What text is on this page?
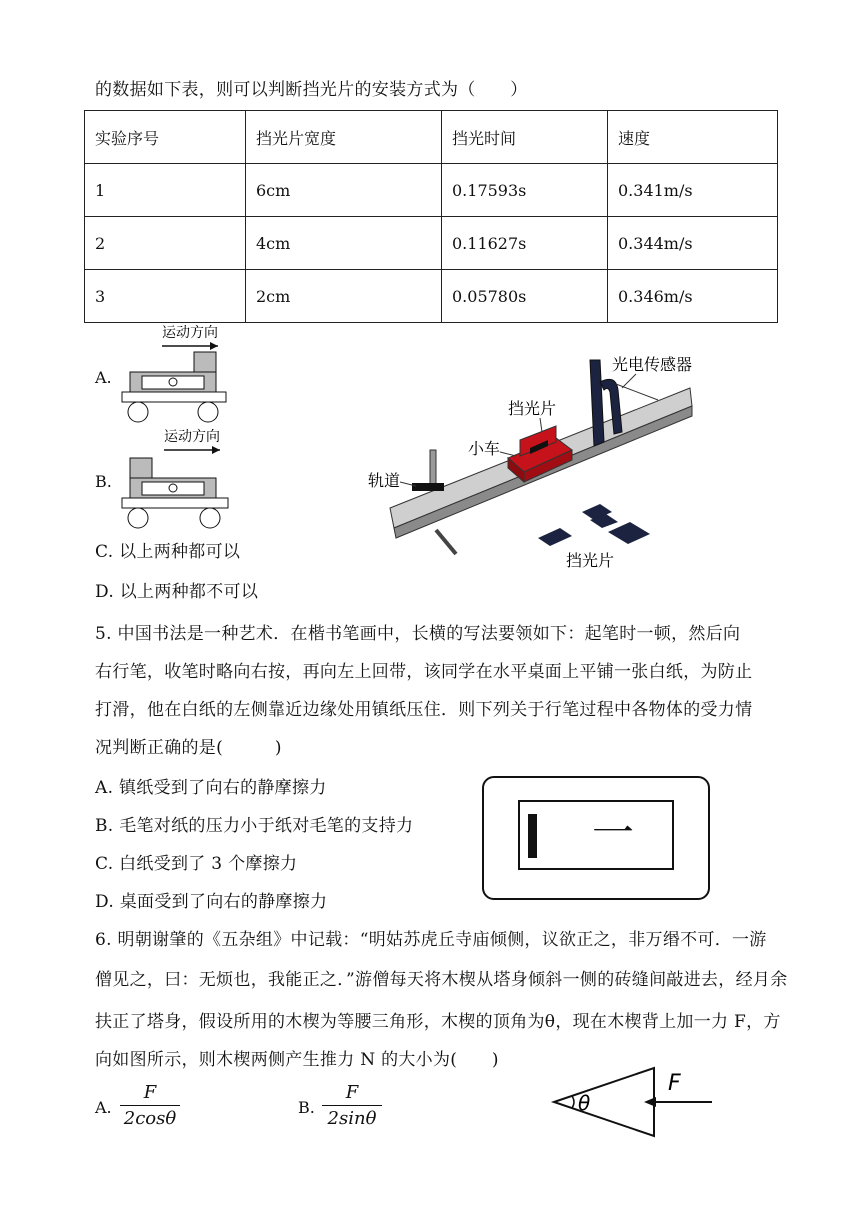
的数据如下表，则可以判断挡光片的安装方式为（　　）
实验序号	挡光片宽度	挡光时间	速度
1	6cm	0.17593s	0.341m/s
2	4cm	0.11627s	0.344m/s
3	2cm	0.05780s	0.346m/s
A.
运动方向
B.
运动方向
C. 以上两种都可以
D. 以上两种都不可以
光电传感器
挡光片
小车
轨道
挡光片
5. 中国书法是一种艺术．在楷书笔画中，长横的写法要领如下：起笔时一顿，然后向
右行笔，收笔时略向右按，再向左上回带，该同学在水平桌面上平铺一张白纸，为防止
打滑，他在白纸的左侧靠近边缘处用镇纸压住．则下列关于行笔过程中各物体的受力情
况判断正确的是(　　　)
A. 镇纸受到了向右的静摩擦力
B. 毛笔对纸的压力小于纸对毛笔的支持力
C. 白纸受到了 3 个摩擦力
D. 桌面受到了向右的静摩擦力
一
6. 明朝谢肇的《五杂组》中记载：“明姑苏虎丘寺庙倾侧，议欲正之，非万缗不可．一游
僧见之，曰：无烦也，我能正之．”游僧每天将木楔从塔身倾斜一侧的砖缝间敲进去，经月余
扶正了塔身，假设所用的木楔为等腰三角形，木楔的顶角为θ，现在木楔背上加一力 F，方
向如图所示，则木楔两侧产生推力 N 的大小为(　　)
A.
F
2cosθ
B.
F
2sinθ
θ
F
